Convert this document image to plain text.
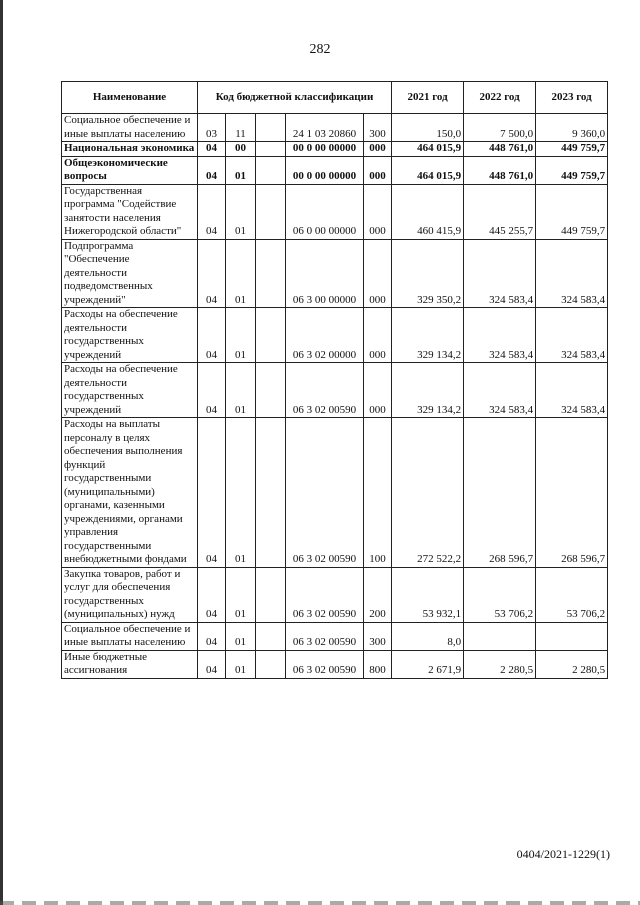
282
Наименование	Код бюджетной классификации					2021 год	2022 год	2023 год
Социальное обеспечение и иные выплаты населению	03	11		24 1 03 20860	300	150,0	7 500,0	9 360,0
Национальная экономика	04	00		00 0 00 00000	000	464 015,9	448 761,0	449 759,7
Общеэкономические вопросы	04	01		00 0 00 00000	000	464 015,9	448 761,0	449 759,7
Государственная программа "Содействие занятости населения Нижегородской области"	04	01		06 0 00 00000	000	460 415,9	445 255,7	449 759,7
Подпрограмма "Обеспечение деятельности подведомственных учреждений"	04	01		06 3 00 00000	000	329 350,2	324 583,4	324 583,4
Расходы на обеспечение деятельности государственных учреждений	04	01		06 3 02 00000	000	329 134,2	324 583,4	324 583,4
Расходы на обеспечение деятельности государственных учреждений	04	01		06 3 02 00590	000	329 134,2	324 583,4	324 583,4
Расходы на выплаты персоналу в целях обеспечения выполнения функций государственными (муниципальными) органами, казенными учреждениями, органами управления государственными внебюджетными фондами	04	01		06 3 02 00590	100	272 522,2	268 596,7	268 596,7
Закупка товаров, работ и услуг для обеспечения государственных (муниципальных) нужд	04	01		06 3 02 00590	200	53 932,1	53 706,2	53 706,2
Социальное обеспечение и иные выплаты населению	04	01		06 3 02 00590	300	8,0		
Иные бюджетные ассигнования	04	01		06 3 02 00590	800	2 671,9	2 280,5	2 280,5
0404/2021-1229(1)
